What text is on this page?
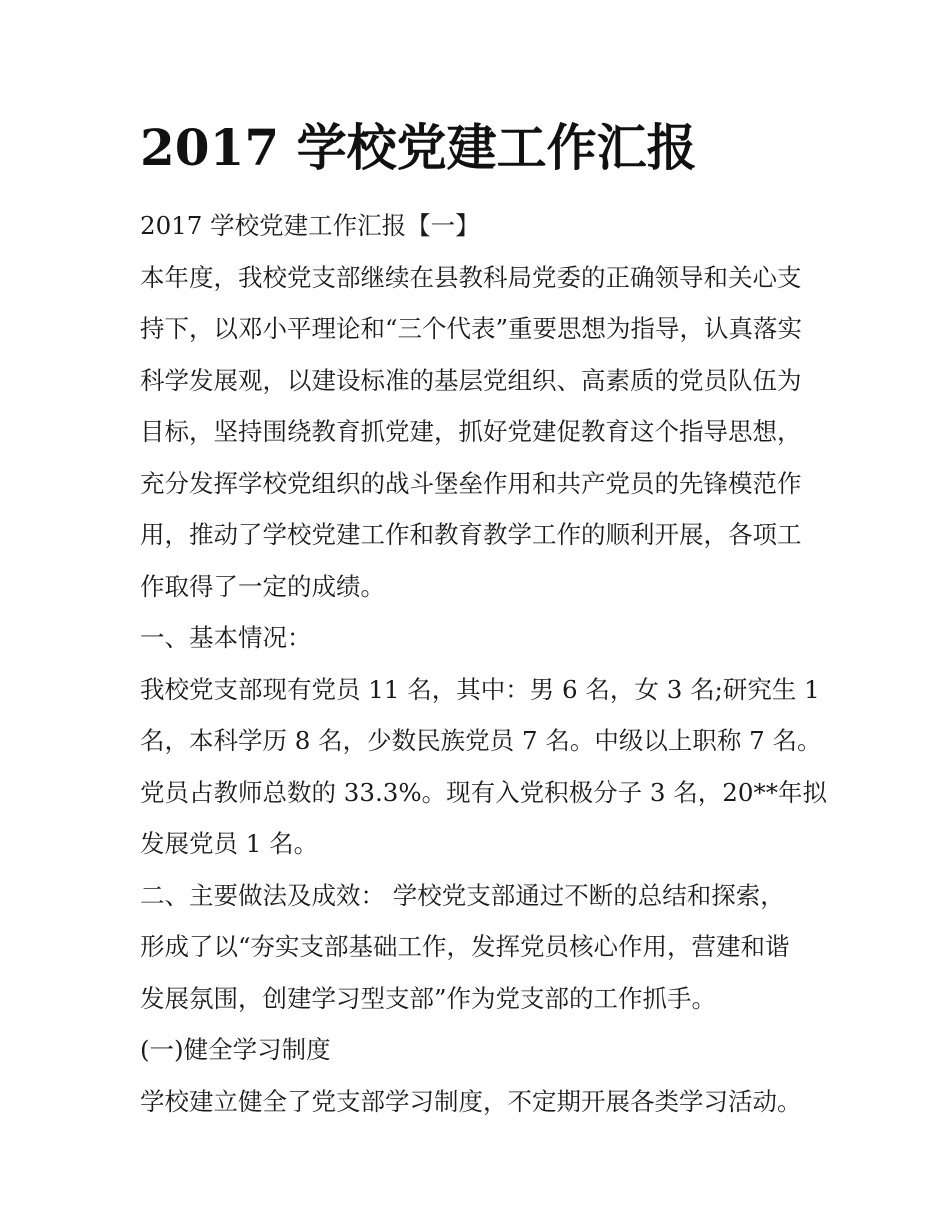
2017 学校党建工作汇报
2017 学校党建工作汇报【一】
本年度，我校党支部继续在县教科局党委的正确领导和关心支
持下，以邓小平理论和“三个代表”重要思想为指导，认真落实
科学发展观，以建设标准的基层党组织、高素质的党员队伍为
目标，坚持围绕教育抓党建，抓好党建促教育这个指导思想，
充分发挥学校党组织的战斗堡垒作用和共产党员的先锋模范作
用，推动了学校党建工作和教育教学工作的顺利开展，各项工
作取得了一定的成绩。
一、基本情况：
我校党支部现有党员 11 名，其中：男 6 名，女 3 名;研究生 1
名，本科学历 8 名，少数民族党员 7 名。中级以上职称 7 名。
党员占教师总数的 33.3%。现有入党积极分子 3 名，20**年拟
发展党员 1 名。
二、主要做法及成效： 学校党支部通过不断的总结和探索，
形成了以“夯实支部基础工作，发挥党员核心作用，营建和谐
发展氛围，创建学习型支部”作为党支部的工作抓手。
(一)健全学习制度
学校建立健全了党支部学习制度，不定期开展各类学习活动。
